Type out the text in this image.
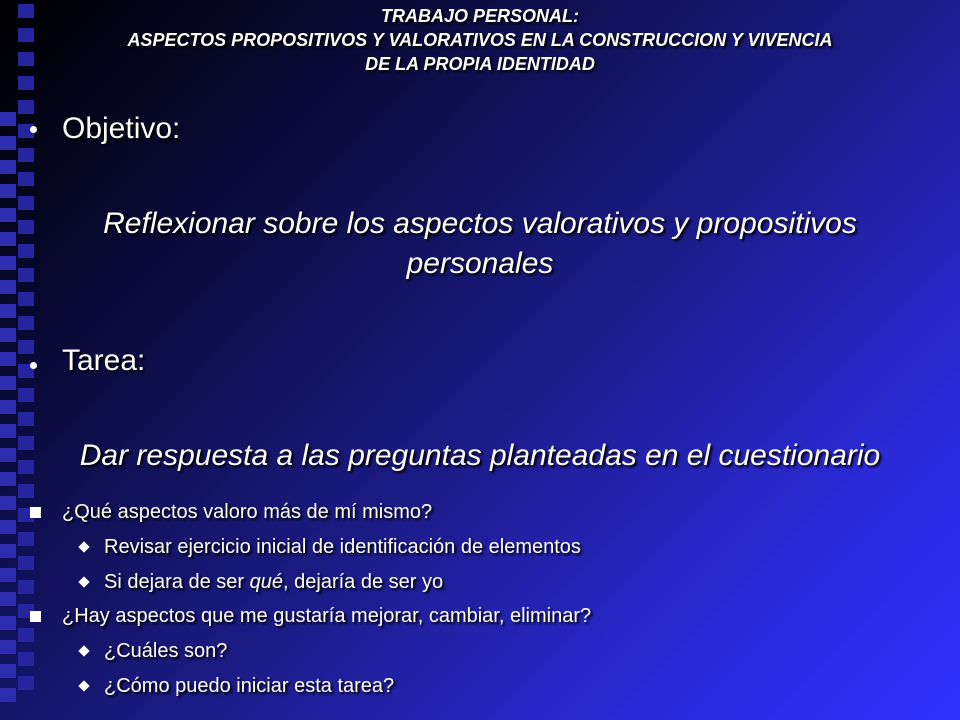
TRABAJO PERSONAL:
ASPECTOS PROPOSITIVOS Y VALORATIVOS EN LA CONSTRUCCION Y VIVENCIA
DE LA PROPIA IDENTIDAD
Objetivo:
Reflexionar sobre los aspectos valorativos y propositivos
personales
Tarea:
Dar respuesta a las preguntas planteadas en el cuestionario
¿Qué aspectos valoro más de mí mismo?
Revisar ejercicio inicial de identificación de elementos
Si dejara de ser qué, dejaría de ser yo
¿Hay aspectos que me gustaría mejorar, cambiar, eliminar?
¿Cuáles son?
¿Cómo puedo iniciar esta tarea?
